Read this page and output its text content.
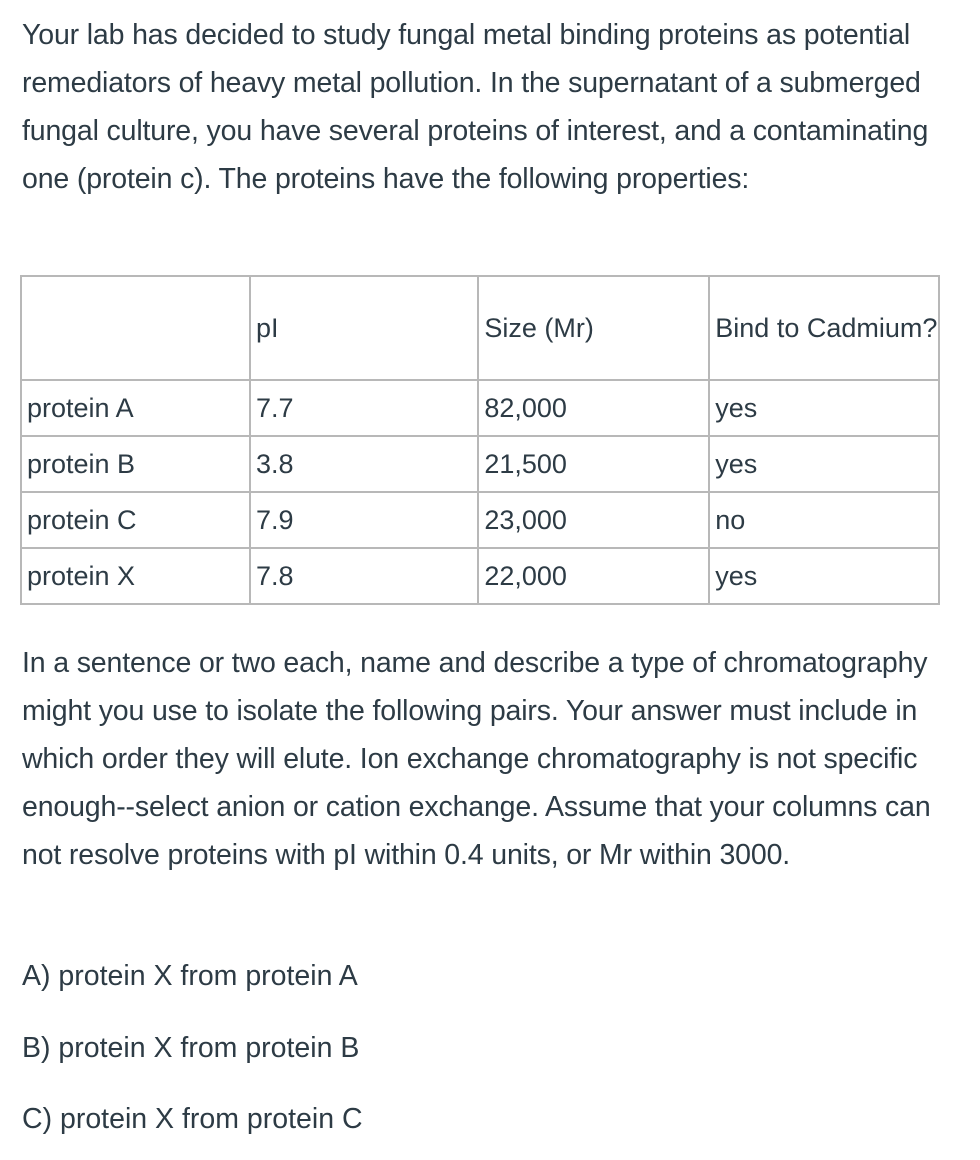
Your lab has decided to study fungal metal binding proteins as potential remediators of heavy metal pollution. In the supernatant of a submerged fungal culture, you have several proteins of interest, and a contaminating one (protein c). The proteins have the following properties:

	pI	Size (Mr)	Bind to Cadmium?
protein A	7.7	82,000	yes
protein B	3.8	21,500	yes
protein C	7.9	23,000	no
protein X	7.8	22,000	yes

In a sentence or two each, name and describe a type of chromatography might you use to isolate the following pairs. Your answer must include in which order they will elute. Ion exchange chromatography is not specific enough--select anion or cation exchange. Assume that your columns can not resolve proteins with pI within 0.4 units, or Mr within 3000.

A) protein X from protein A

B) protein X from protein B

C) protein X from protein C
